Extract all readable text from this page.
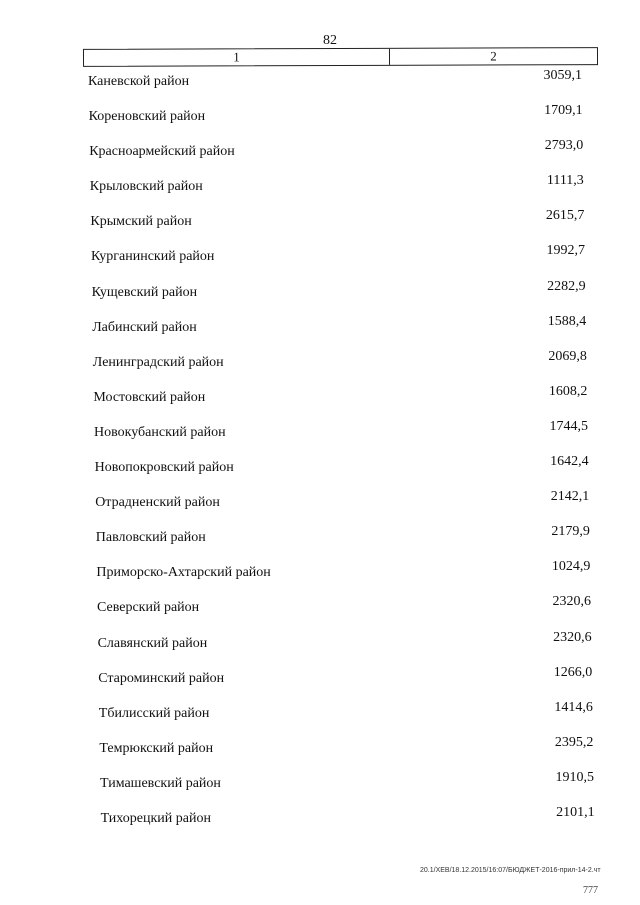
82
1	2
Каневской район	3059,1
Кореновский район	1709,1
Красноармейский район	2793,0
Крыловский район	1111,3
Крымский район	2615,7
Курганинский район	1992,7
Кущевский район	2282,9
Лабинский район	1588,4
Ленинградский район	2069,8
Мостовский район	1608,2
Новокубанский район	1744,5
Новопокровский район	1642,4
Отрадненский район	2142,1
Павловский район	2179,9
Приморско-Ахтарский район	1024,9
Северский район	2320,6
Славянский район	2320,6
Староминский район	1266,0
Тбилисский район	1414,6
Темрюкский район	2395,2
Тимашевский район	1910,5
Тихорецкий район	2101,1
20.1/XEB/18.12.2015/16:07/БЮДЖЕТ-2016-прил-14-2.чт
777
